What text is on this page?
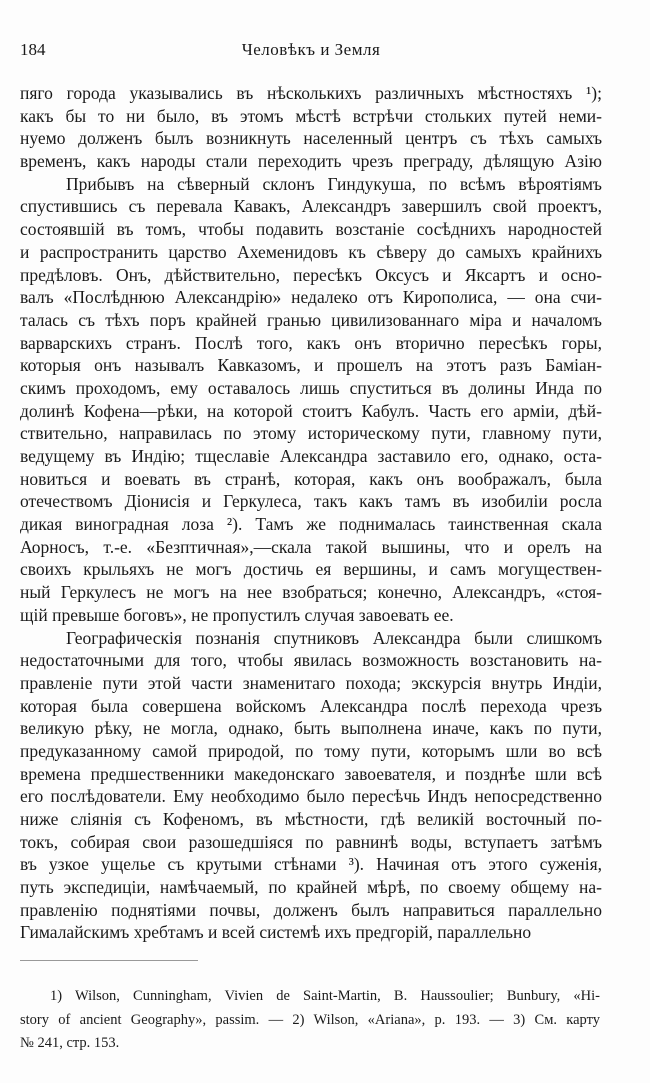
184	Человѣкъ и Земля
пяго города указывались въ нѣсколькихъ различныхъ мѣстностяхъ ¹);
какъ бы то ни было, въ этомъ мѣстѣ встрѣчи стольких путей неми-
нуемо долженъ былъ возникнуть населенный центръ съ тѣхъ самыхъ
временъ, какъ народы стали переходить чрезъ преграду, дѣлящую Азію
Прибывъ на сѣверный склонъ Гиндукуша, по всѣмъ вѣроятіямъ
спустившись съ перевала Кавакъ, Александръ завершилъ свой проектъ,
состоявшій въ томъ, чтобы подавить возстаніе сосѣднихъ народностей
и распространить царство Ахеменидовъ къ сѣверу до самыхъ крайнихъ
предѣловъ. Онъ, дѣйствительно, пересѣкъ Оксусъ и Яксартъ и осно-
валъ «Послѣднюю Александрію» недалеко отъ Кирополиса, — она счи-
талась съ тѣхъ поръ крайней гранью цивилизованнаго міра и началомъ
варварскихъ странъ. Послѣ того, какъ онъ вторично пересѣкъ горы,
которыя онъ называлъ Кавказомъ, и прошелъ на этотъ разъ Баміан-
скимъ проходомъ, ему оставалось лишь спуститься въ долины Инда по
долинѣ Кофена—рѣки, на которой стоитъ Кабулъ. Часть его арміи, дѣй-
ствительно, направилась по этому историческому пути, главному пути,
ведущему въ Индію; тщеславіе Александра заставило его, однако, оста-
новиться и воевать въ странѣ, которая, какъ онъ воображалъ, была
отечествомъ Діонисія и Геркулеса, такъ какъ тамъ въ изобиліи росла
дикая виноградная лоза ²). Тамъ же поднималась таинственная скала
Аорносъ, т.-е. «Безптичная»,—скала такой вышины, что и орелъ на
своихъ крыльяхъ не могъ достичь ея вершины, и самъ могуществен-
ный Геркулесъ не могъ на нее взобраться; конечно, Александръ, «стоя-
щій превыше боговъ», не пропустилъ случая завоевать ее.
Географическія познанія спутниковъ Александра были слишкомъ
недостаточными для того, чтобы явилась возможность возстановить на-
правленіе пути этой части знаменитаго похода; экскурсія внутрь Индіи,
которая была совершена войскомъ Александра послѣ перехода чрезъ
великую рѣку, не могла, однако, быть выполнена иначе, какъ по пути,
предуказанному самой природой, по тому пути, которымъ шли во всѣ
времена предшественники македонскаго завоевателя, и позднѣе шли всѣ
его послѣдователи. Ему необходимо было пересѣчь Индъ непосредственно
ниже слiянія съ Кофеномъ, въ мѣстности, гдѣ великій восточный по-
токъ, собирая свои разошедшіяся по равнинѣ воды, вступаетъ затѣмъ
въ узкое ущелье съ крутыми стѣнами ³). Начиная отъ этого суженія,
путь экспедиціи, намѣчаемый, по крайней мѣрѣ, по своему общему на-
правленію поднятіями почвы, долженъ былъ направиться параллельно
Гималайскимъ хребтамъ и всей системѣ ихъ предгорій, параллельно
1) Wilson, Cunningham, Vivien de Saint-Martin, B. Haussoulier; Bunbury, «Hi-
story of ancient Geography», passim. — 2) Wilson, «Ariana», p. 193. — 3) См. карту
№ 241, стр. 153.
